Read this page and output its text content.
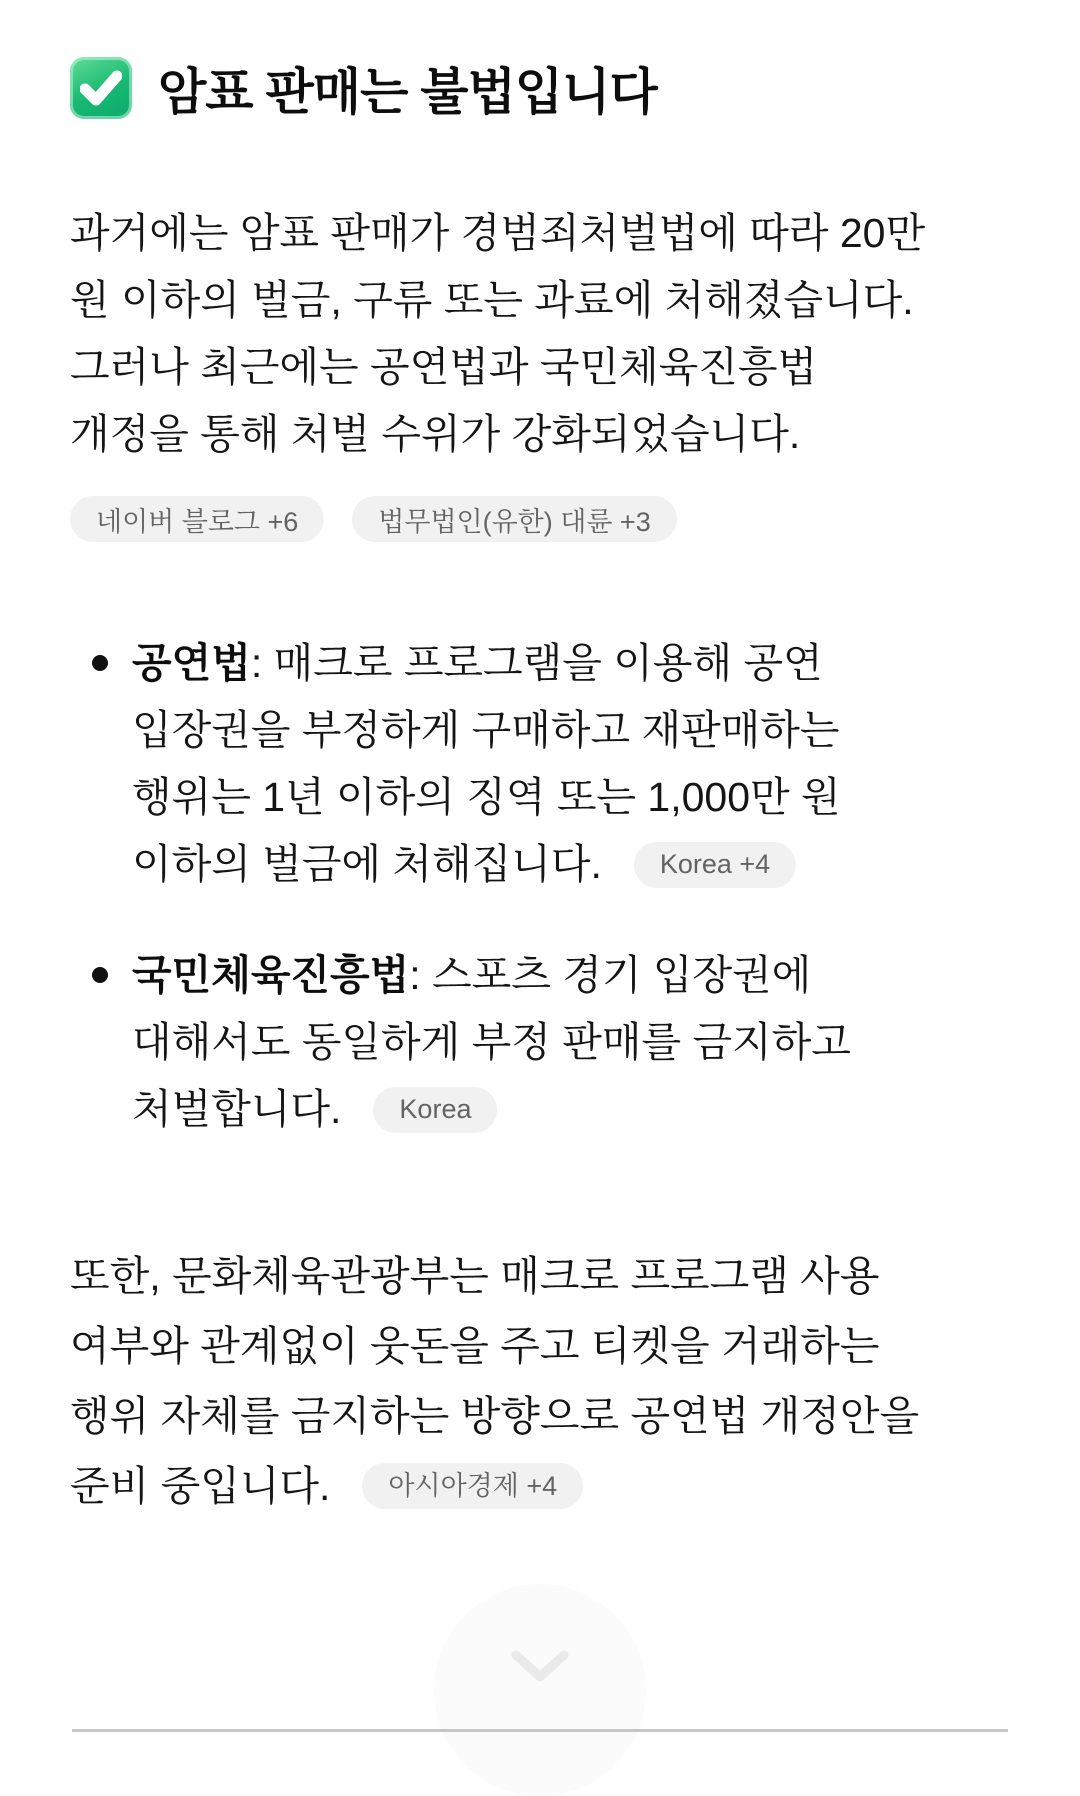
암표 판매는 불법입니다
과거에는 암표 판매가 경범죄처벌법에 따라 20만
원 이하의 벌금, 구류 또는 과료에 처해졌습니다.
그러나 최근에는 공연법과 국민체육진흥법
개정을 통해 처벌 수위가 강화되었습니다.
네이버 블로그 +6	법무법인(유한) 대륜 +3
공연법: 매크로 프로그램을 이용해 공연
입장권을 부정하게 구매하고 재판매하는
행위는 1년 이하의 징역 또는 1,000만 원
이하의 벌금에 처해집니다.	Korea +4
국민체육진흥법: 스포츠 경기 입장권에
대해서도 동일하게 부정 판매를 금지하고
처벌합니다.	Korea
또한, 문화체육관광부는 매크로 프로그램 사용
여부와 관계없이 웃돈을 주고 티켓을 거래하는
행위 자체를 금지하는 방향으로 공연법 개정안을
준비 중입니다.	아시아경제 +4
